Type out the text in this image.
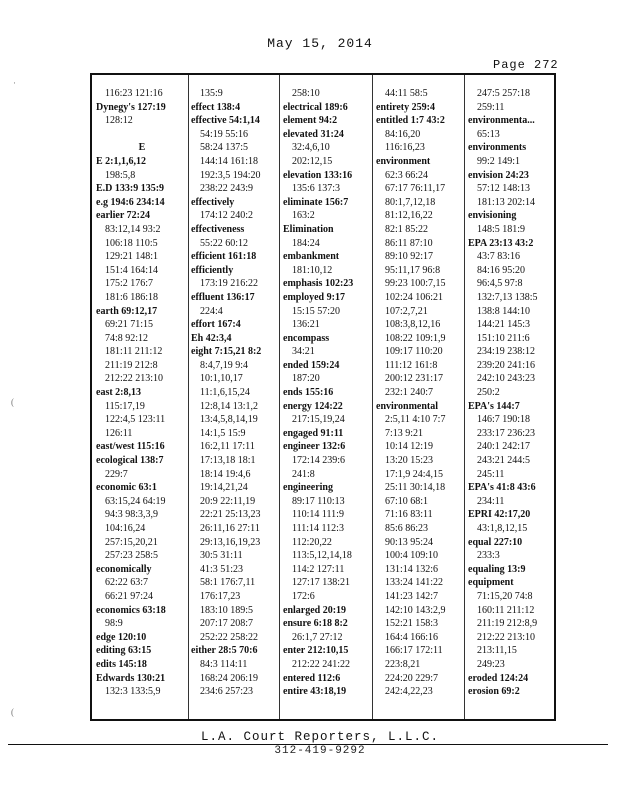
May 15, 2014
Page 272
·
(
(
116:23 121:16
Dynegy's 127:19
128:12
E
E 2:1,1,6,12
198:5,8
E.D 133:9 135:9
e.g 194:6 234:14
earlier 72:24
83:12,14 93:2
106:18 110:5
129:21 148:1
151:4 164:14
175:2 176:7
181:6 186:18
earth 69:12,17
69:21 71:15
74:8 92:12
181:11 211:12
211:19 212:8
212:22 213:10
east 2:8,13
115:17,19
122:4,5 123:11
126:11
east/west 115:16
ecological 138:7
229:7
economic 63:1
63:15,24 64:19
94:3 98:3,3,9
104:16,24
257:15,20,21
257:23 258:5
economically
62:22 63:7
66:21 97:24
economics 63:18
98:9
edge 120:10
editing 63:15
edits 145:18
Edwards 130:21
132:3 133:5,9
135:9
effect 138:4
effective 54:1,14
54:19 55:16
58:24 137:5
144:14 161:18
192:3,5 194:20
238:22 243:9
effectively
174:12 240:2
effectiveness
55:22 60:12
efficient 161:18
efficiently
173:19 216:22
effluent 136:17
224:4
effort 167:4
Eh 42:3,4
eight 7:15,21 8:2
8:4,7,19 9:4
10:1,10,17
11:1,6,15,24
12:8,14 13:1,2
13:4,5,8,14,19
14:1,5 15:9
16:2,11 17:11
17:13,18 18:1
18:14 19:4,6
19:14,21,24
20:9 22:11,19
22:21 25:13,23
26:11,16 27:11
29:13,16,19,23
30:5 31:11
41:3 51:23
58:1 176:7,11
176:17,23
183:10 189:5
207:17 208:7
252:22 258:22
either 28:5 70:6
84:3 114:11
168:24 206:19
234:6 257:23
258:10
electrical 189:6
element 94:2
elevated 31:24
32:4,6,10
202:12,15
elevation 133:16
135:6 137:3
eliminate 156:7
163:2
Elimination
184:24
embankment
181:10,12
emphasis 102:23
employed 9:17
15:15 57:20
136:21
encompass
34:21
ended 159:24
187:20
ends 155:16
energy 124:22
217:15,19,24
engaged 91:11
engineer 132:6
172:14 239:6
241:8
engineering
89:17 110:13
110:14 111:9
111:14 112:3
112:20,22
113:5,12,14,18
114:2 127:11
127:17 138:21
172:6
enlarged 20:19
ensure 6:18 8:2
26:1,7 27:12
enter 212:10,15
212:22 241:22
entered 112:6
entire 43:18,19
44:11 58:5
entirety 259:4
entitled 1:7 43:2
84:16,20
116:16,23
environment
62:3 66:24
67:17 76:11,17
80:1,7,12,18
81:12,16,22
82:1 85:22
86:11 87:10
89:10 92:17
95:11,17 96:8
99:23 100:7,15
102:24 106:21
107:2,7,21
108:3,8,12,16
108:22 109:1,9
109:17 110:20
111:12 161:8
200:12 231:17
232:1 240:7
environmental
2:5,11 4:10 7:7
7:13 9:21
10:14 12:19
13:20 15:23
17:1,9 24:4,15
25:11 30:14,18
67:10 68:1
71:16 83:11
85:6 86:23
90:13 95:24
100:4 109:10
131:14 132:6
133:24 141:22
141:23 142:7
142:10 143:2,9
152:21 158:3
164:4 166:16
166:17 172:11
223:8,21
224:20 229:7
242:4,22,23
247:5 257:18
259:11
environmenta...
65:13
environments
99:2 149:1
envision 24:23
57:12 148:13
181:13 202:14
envisioning
148:5 181:9
EPA 23:13 43:2
43:7 83:16
84:16 95:20
96:4,5 97:8
132:7,13 138:5
138:8 144:10
144:21 145:3
151:10 211:6
234:19 238:12
239:20 241:16
242:10 243:23
250:2
EPA's 144:7
146:7 190:18
233:17 236:23
240:1 242:17
243:21 244:5
245:11
EPA's 41:8 43:6
234:11
EPRI 42:17,20
43:1,8,12,15
equal 227:10
233:3
equaling 13:9
equipment
71:15,20 74:8
160:11 211:12
211:19 212:8,9
212:22 213:10
213:11,15
249:23
eroded 124:24
erosion 69:2
L.A. Court Reporters, L.L.C.
312-419-9292
